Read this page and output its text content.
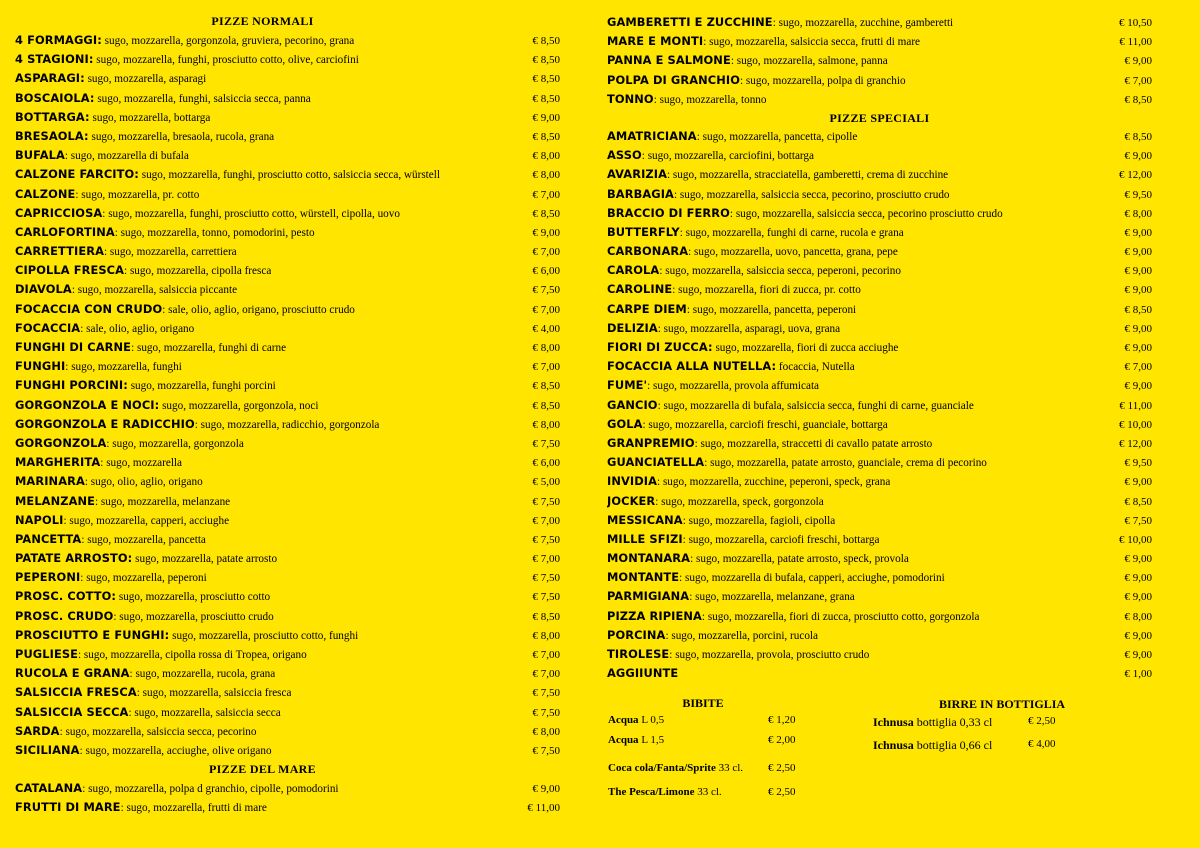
PIZZE NORMALI
4 FORMAGGI: sugo, mozzarella, gorgonzola, gruviera, pecorino, grana	€ 8,50
4 STAGIONI: sugo, mozzarella, funghi, prosciutto cotto, olive, carciofini	€ 8,50
ASPARAGI: sugo, mozzarella, asparagi	€ 8,50
BOSCAIOLA: sugo, mozzarella, funghi, salsiccia secca, panna	€ 8,50
BOTTARGA: sugo, mozzarella, bottarga	€ 9,00
BRESAOLA: sugo, mozzarella, bresaola, rucola, grana	€ 8,50
BUFALA: sugo, mozzarella di bufala	€ 8,00
CALZONE FARCITO: sugo, mozzarella, funghi, prosciutto cotto, salsiccia secca, würstell	€ 8,00
CALZONE: sugo, mozzarella, pr. cotto	€ 7,00
CAPRICCIOSA: sugo, mozzarella, funghi, prosciutto cotto, würstell, cipolla, uovo	€ 8,50
CARLOFORTINA: sugo, mozzarella, tonno, pomodorini, pesto	€ 9,00
CARRETTIERA: sugo, mozzarella, carrettiera	€ 7,00
CIPOLLA FRESCA: sugo, mozzarella, cipolla fresca	€ 6,00
DIAVOLA: sugo, mozzarella, salsiccia piccante	€ 7,50
FOCACCIA CON CRUDO: sale, olio, aglio, origano, prosciutto crudo	€ 7,00
FOCACCIA: sale, olio, aglio, origano	€ 4,00
FUNGHI DI CARNE: sugo, mozzarella, funghi di carne	€ 8,00
FUNGHI: sugo, mozzarella, funghi	€ 7,00
FUNGHI PORCINI: sugo, mozzarella, funghi porcini	€ 8,50
GORGONZOLA E NOCI: sugo, mozzarella, gorgonzola, noci	€ 8,50
GORGONZOLA E RADICCHIO: sugo, mozzarella, radicchio, gorgonzola	€ 8,00
GORGONZOLA: sugo, mozzarella, gorgonzola	€ 7,50
MARGHERITA: sugo, mozzarella	€ 6,00
MARINARA: sugo, olio, aglio, origano	€ 5,00
MELANZANE: sugo, mozzarella, melanzane	€ 7,50
NAPOLI: sugo, mozzarella, capperi, acciughe	€ 7,00
PANCETTA: sugo, mozzarella, pancetta	€ 7,50
PATATE ARROSTO: sugo, mozzarella, patate arrosto	€ 7,00
PEPERONI: sugo, mozzarella, peperoni	€ 7,50
PROSC. COTTO: sugo, mozzarella, prosciutto cotto	€ 7,50
PROSC. CRUDO: sugo, mozzarella, prosciutto crudo	€ 8,50
PROSCIUTTO E FUNGHI: sugo, mozzarella, prosciutto cotto, funghi	€ 8,00
PUGLIESE: sugo, mozzarella, cipolla rossa di Tropea, origano	€ 7,00
RUCOLA E GRANA: sugo, mozzarella, rucola, grana	€ 7,00
SALSICCIA FRESCA: sugo, mozzarella, salsiccia fresca	€ 7,50
SALSICCIA SECCA: sugo, mozzarella, salsiccia secca	€ 7,50
SARDA: sugo, mozzarella, salsiccia secca, pecorino	€ 8,00
SICILIANA: sugo, mozzarella, acciughe, olive origano	€ 7,50
PIZZE DEL MARE
CATALANA: sugo, mozzarella, polpa d granchio, cipolle, pomodorini	€ 9,00
FRUTTI DI MARE: sugo, mozzarella, frutti di mare	€ 11,00
GAMBERETTI E ZUCCHINE: sugo, mozzarella, zucchine, gamberetti	€ 10,50
MARE E MONTI: sugo, mozzarella, salsiccia secca, frutti di mare	€ 11,00
PANNA E SALMONE: sugo, mozzarella, salmone, panna	€ 9,00
POLPA DI GRANCHIO: sugo, mozzarella, polpa di granchio	€ 7,00
TONNO: sugo, mozzarella, tonno	€ 8,50
PIZZE SPECIALI
AMATRICIANA: sugo, mozzarella, pancetta, cipolle	€ 8,50
ASSO: sugo, mozzarella, carciofini, bottarga	€ 9,00
AVARIZIA: sugo, mozzarella, stracciatella, gamberetti, crema di zucchine	€ 12,00
BARBAGIA: sugo, mozzarella, salsiccia secca, pecorino, prosciutto crudo	€ 9,50
BRACCIO DI FERRO: sugo, mozzarella, salsiccia secca, pecorino prosciutto crudo	€ 8,00
BUTTERFLY: sugo, mozzarella, funghi di carne, rucola e grana	€ 9,00
CARBONARA: sugo, mozzarella, uovo, pancetta, grana, pepe	€ 9,00
CAROLA: sugo, mozzarella, salsiccia secca, peperoni, pecorino	€ 9,00
CAROLINE: sugo, mozzarella, fiori di zucca, pr. cotto	€ 9,00
CARPE DIEM: sugo, mozzarella, pancetta, peperoni	€ 8,50
DELIZIA: sugo, mozzarella, asparagi, uova, grana	€ 9,00
FIORI DI ZUCCA: sugo, mozzarella, fiori di zucca acciughe	€ 9,00
FOCACCIA ALLA NUTELLA: focaccia, Nutella	€ 7,00
FUME': sugo, mozzarella, provola affumicata	€ 9,00
GANCIO: sugo, mozzarella di bufala, salsiccia secca, funghi di carne, guanciale	€ 11,00
GOLA: sugo, mozzarella, carciofi freschi, guanciale, bottarga	€ 10,00
GRANPREMIO: sugo, mozzarella, straccetti di cavallo patate arrosto	€ 12,00
GUANCIATELLA: sugo, mozzarella, patate arrosto, guanciale, crema di pecorino	€ 9,50
INVIDIA: sugo, mozzarella, zucchine, peperoni, speck, grana	€ 9,00
JOCKER: sugo, mozzarella, speck, gorgonzola	€ 8,50
MESSICANA: sugo, mozzarella, fagioli, cipolla	€ 7,50
MILLE SFIZI: sugo, mozzarella, carciofi freschi, bottarga	€ 10,00
MONTANARA: sugo, mozzarella, patate arrosto, speck, provola	€ 9,00
MONTANTE: sugo, mozzarella di bufala, capperi, acciughe, pomodorini	€ 9,00
PARMIGIANA: sugo, mozzarella, melanzane, grana	€ 9,00
PIZZA RIPIENA: sugo, mozzarella, fiori di zucca, prosciutto cotto, gorgonzola	€ 8,00
PORCINA: sugo, mozzarella, porcini, rucola	€ 9,00
TIROLESE: sugo, mozzarella, provola, prosciutto crudo	€ 9,00
AGGIIUNTE	€ 1,00
BIBITE
Acqua L 0,5	€ 1,20
Acqua L 1,5	€ 2,00
Coca cola/Fanta/Sprite 33 cl. € 2,50
The Pesca/Limone 33 cl.	€ 2,50
BIRRE IN BOTTIGLIA
Ichnusa bottiglia 0,33 cl	€ 2,50
Ichnusa bottiglia 0,66 cl	€ 4,00
